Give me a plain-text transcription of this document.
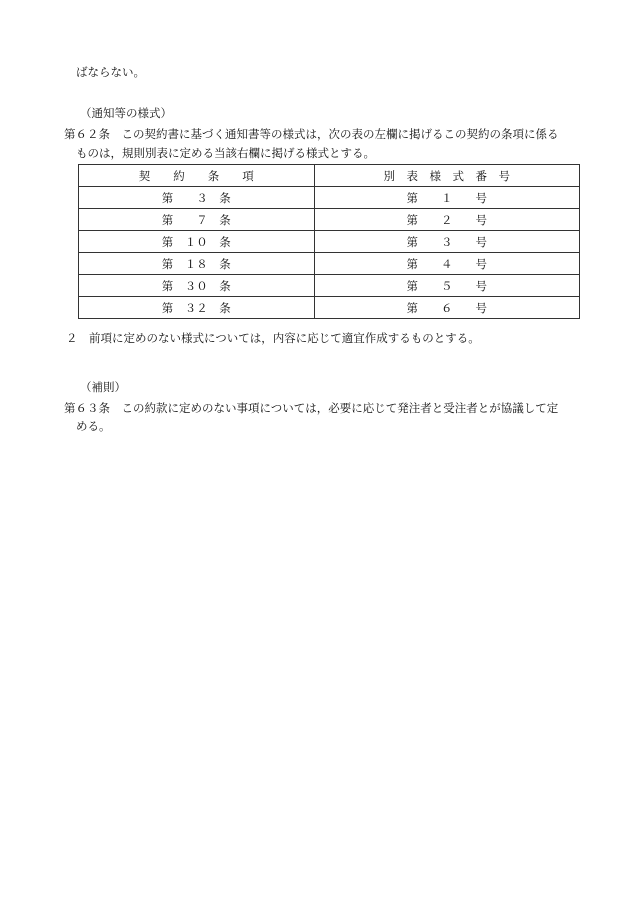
ばならない。
（通知等の様式）
第６２条　この契約書に基づく通知書等の様式は，次の表の左欄に掲げるこの契約の条項に係る
ものは，規則別表に定める当該右欄に掲げる様式とする。
契　　約　　条　　項	別　表　様　式　番　号
第　　３　条	第　　１　　号
第　　７　条	第　　２　　号
第　１０　条	第　　３　　号
第　１８　条	第　　４　　号
第　３０　条	第　　５　　号
第　３２　条	第　　６　　号
２　前項に定めのない様式については，内容に応じて適宜作成するものとする。
（補則）
第６３条　この約款に定めのない事項については，必要に応じて発注者と受注者とが協議して定
める。
